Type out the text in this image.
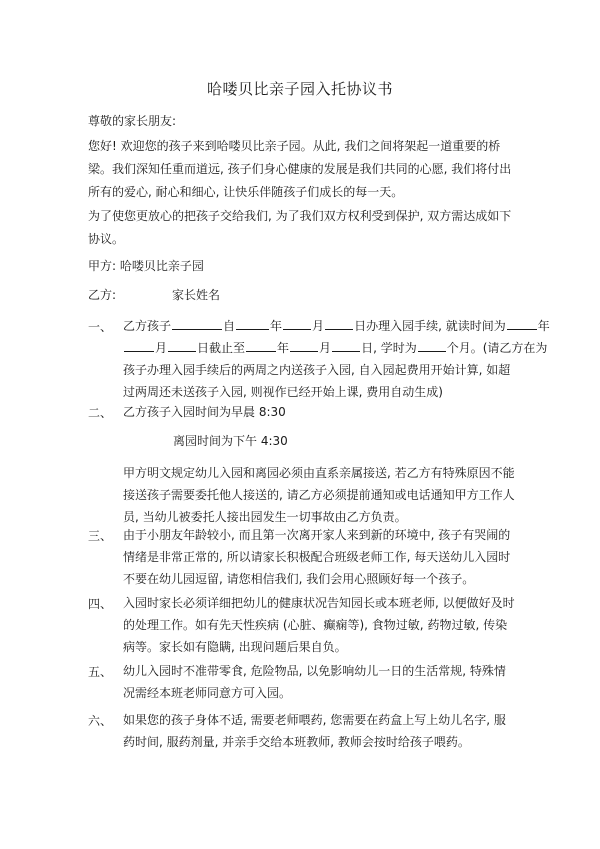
哈喽贝比亲子园入托协议书

尊敬的家长朋友:

您好! 欢迎您的孩子来到哈喽贝比亲子园。从此, 我们之间将架起一道重要的桥梁。我们深知任重而道远, 孩子们身心健康的发展是我们共同的心愿, 我们将付出所有的爱心, 耐心和细心, 让快乐伴随孩子们成长的每一天。

为了使您更放心的把孩子交给我们, 为了我们双方权利受到保护, 双方需达成如下协议。

甲方: 哈喽贝比亲子园
乙方:	家长姓名
一、 乙方孩子	自	年	月	日办理入园手续, 就读时间为	年
月	日截止至	年	月	日, 学时为	个月。(请乙方在为
孩子办理入园手续后的两周之内送孩子入园, 自入园起费用开始计算, 如超过两周还未送孩子入园, 则视作已经开始上课, 费用自动生成)
二、 乙方孩子入园时间为早晨 8:30
离园时间为下午 4:30
甲方明文规定幼儿入园和离园必须由直系亲属接送, 若乙方有特殊原因不能接送孩子需要委托他人接送的, 请乙方必须提前通知或电话通知甲方工作人员, 当幼儿被委托人接出园发生一切事故由乙方负责。
三、 由于小朋友年龄较小, 而且第一次离开家人来到新的环境中, 孩子有哭闹的情绪是非常正常的, 所以请家长积极配合班级老师工作, 每天送幼儿入园时不要在幼儿园逗留, 请您相信我们, 我们会用心照顾好每一个孩子。
四、 入园时家长必须详细把幼儿的健康状况告知园长或本班老师, 以便做好及时的处理工作。如有先天性疾病 (心脏、癫痫等), 食物过敏, 药物过敏, 传染病等。家长如有隐瞒, 出现问题后果自负。
五、 幼儿入园时不准带零食, 危险物品, 以免影响幼儿一日的生活常规, 特殊情况需经本班老师同意方可入园。
六、 如果您的孩子身体不适, 需要老师喂药, 您需要在药盒上写上幼儿名字, 服药时间, 服药剂量, 并亲手交给本班教师, 教师会按时给孩子喂药。
